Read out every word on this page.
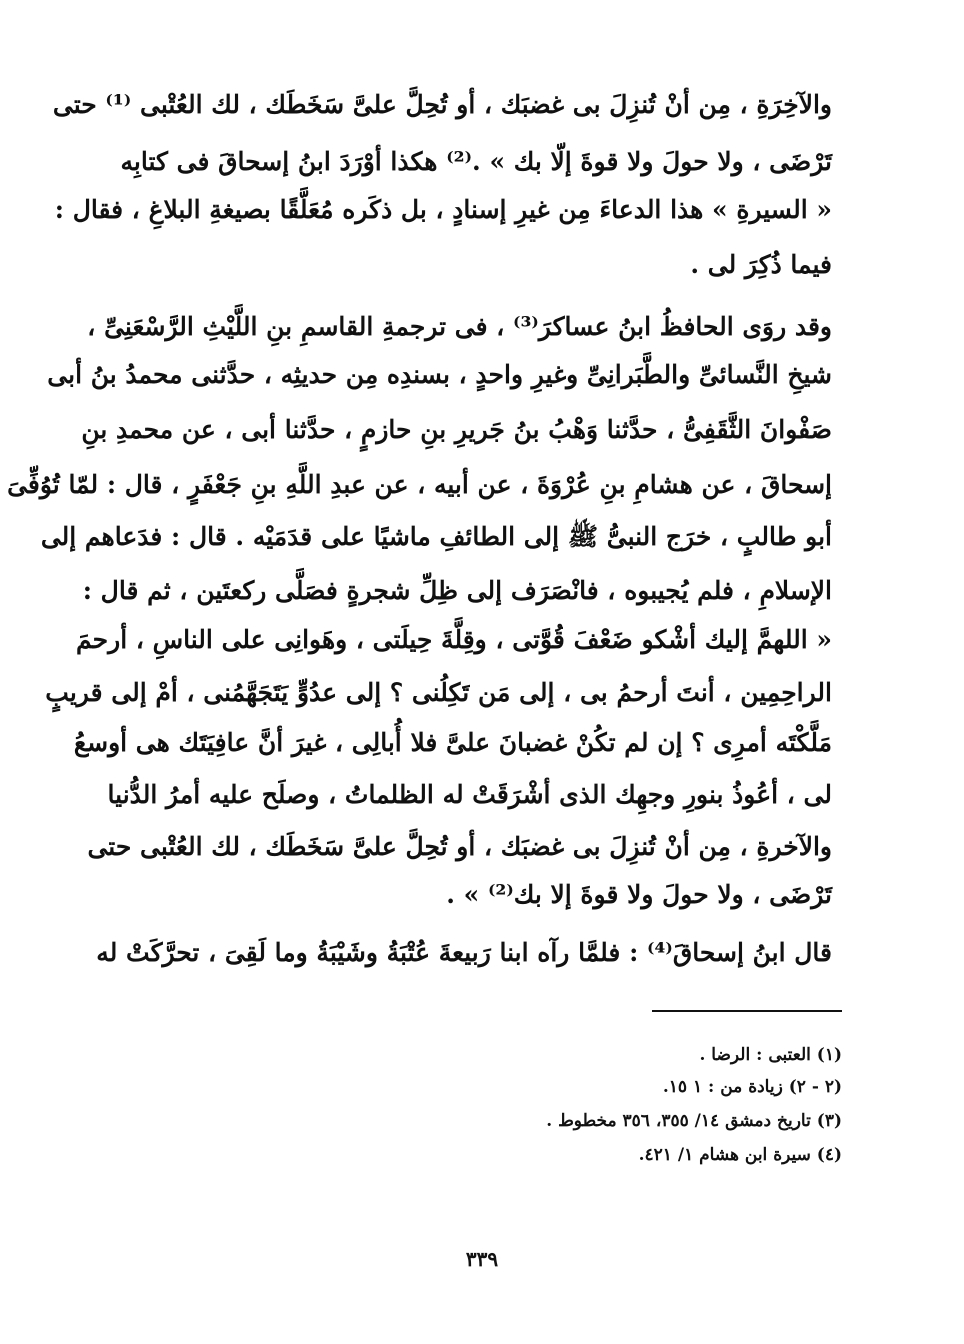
والآخِرَةِ ، مِن أنْ تُنزِلَ بى غضبَك ، أو تُحِلَّ علىَّ سَخَطَك ، لك العُتْبى ⁽¹⁾ حتى
تَرْضَى ، ولا حولَ ولا قوةَ إلّا بك » .⁽²⁾ هكذا أوْرَدَ ابنُ إسحاقَ فى كتابِه
« السيرةِ » هذا الدعاءَ مِن غيرِ إسنادٍ ، بل ذكَره مُعَلَّقًا بصيغةِ البلاغِ ، فقال :
فيما ذُكِرَ لى .
وقد روَى الحافظُ ابنُ عساكرَ⁽³⁾ ، فى ترجمةِ القاسمِ بنِ اللَّيْثِ الرَّسْعَنِىِّ ،
شيخِ النَّسائىِّ والطَّبَرانِىِّ وغيرِ واحدٍ ، بسندِه مِن حديثِه ، حدَّثنى محمدُ بنُ أبى
صَفْوانَ الثَّقَفِىُّ ، حدَّثنا وَهْبُ بنُ جَريرِ بنِ حازمٍ ، حدَّثنا أبى ، عن محمدِ بنِ
إسحاقَ ، عن هشامِ بنِ عُرْوَةَ ، عن أبيه ، عن عبدِ اللَّهِ بنِ جَعْفَرٍ ، قال : لمّا تُوُفِّىَ
أبو طالبٍ ، خرَج النبىُّ ﷺ إلى الطائفِ ماشيًا على قدَمَيْه . قال : فدَعاهم إلى
الإسلامِ ، فلم يُجيبوه ، فانْصَرَف إلى ظِلِّ شجرةٍ فصَلَّى ركعتَين ، ثم قال :
« اللهمَّ إليك أشْكو ضَعْفَ قُوَّتى ، وقِلَّةَ حِيلَتى ، وهَوانِى على الناسِ ، أرحمَ
الراحِمِين ، أنتَ أرحمُ بى ، إلى مَن تَكِلُنى ؟ إلى عدُوٍّ يَتَجَهَّمُنى ، أمْ إلى قريبٍ
مَلَّكْتَه أمرِى ؟ إن لم تكُنْ غضبانَ علىَّ فلا أُبالِى ، غيرَ أنَّ عافِيَتَك هى أوسعُ
لى ، أعُوذُ بنورِ وجهِك الذى أشْرَقَتْ له الظلماتُ ، وصلَح عليه أمرُ الدُّنيا
والآخرةِ ، مِن أنْ تُنزِلَ بى غضبَك ، أو تُحِلَّ علىَّ سَخَطَك ، لك العُتْبى حتى
تَرْضَى ، ولا حولَ ولا قوةَ إلا بك⁽²⁾ » .
قال ابنُ إسحاقَ⁽⁴⁾ : فلمَّا رآه ابنا رَبيعةَ عُتْبَةُ وشَيْبَةُ وما لَقِىَ ، تحرَّكَتْ له
(١) العتبى : الرضا .
(٢ - ٢) زيادة من : ١ ١٥.
(٣) تاريخ دمشق ١٤/ ٣٥٥، ٣٥٦ مخطوط .
(٤) سيرة ابن هشام ١/ ٤٢١.
٣٣٩
